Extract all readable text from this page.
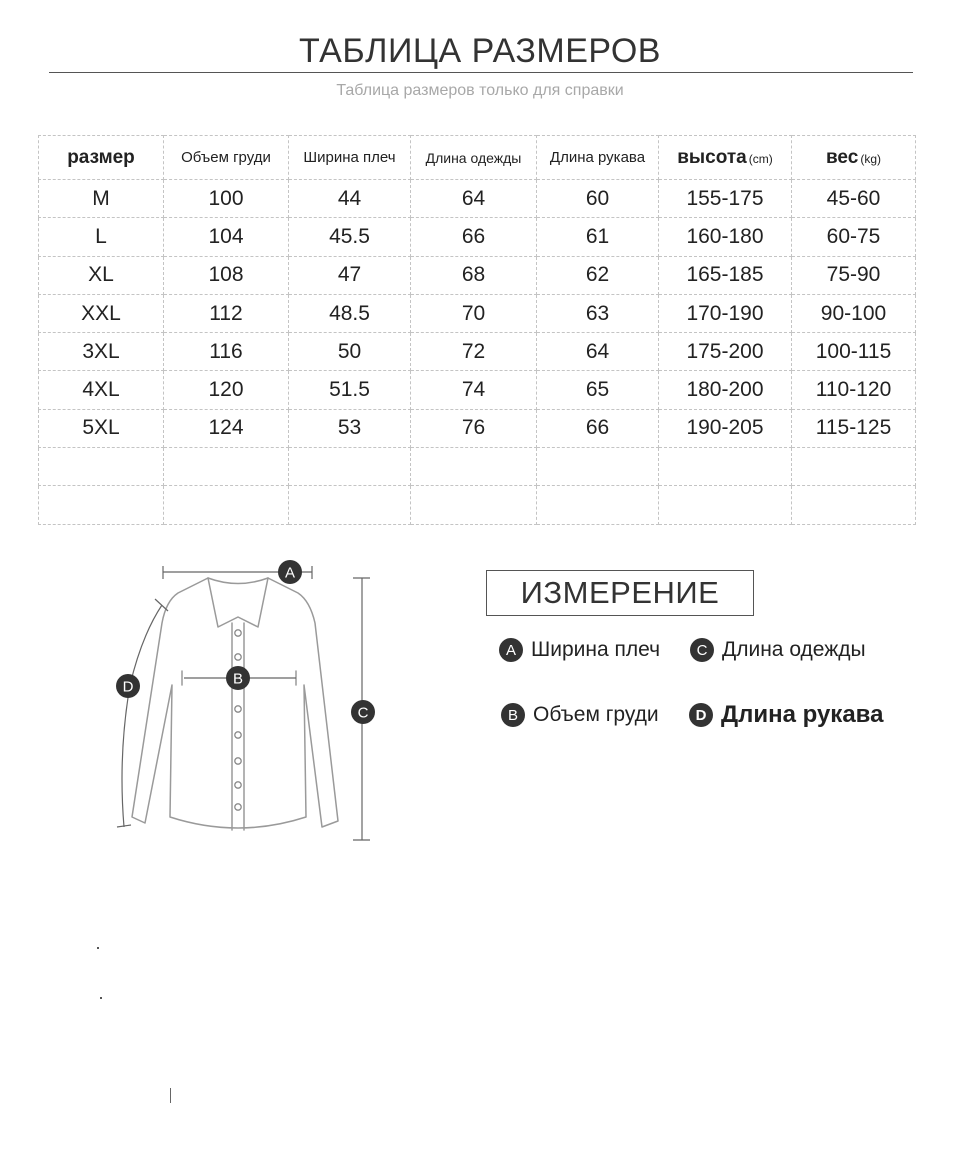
ТАБЛИЦА РАЗМЕРОВ
Таблица размеров только для справки
размер	Объем груди	Ширина плеч	Длина одежды	Длина рукава	высота (cm)	вес (kg)
M	100	44	64	60	155-175	45-60
L	104	45.5	66	61	160-180	60-75
XL	108	47	68	62	165-185	75-90
XXL	112	48.5	70	63	170-190	90-100
3XL	116	50	72	64	175-200	100-115
4XL	120	51.5	74	65	180-200	110-120
5XL	124	53	76	66	190-205	115-125

A
B
C
D
ИЗМЕРЕНИЕ
A Ширина плеч	C Длина одежды
B Объем груди	D Длина рукава
